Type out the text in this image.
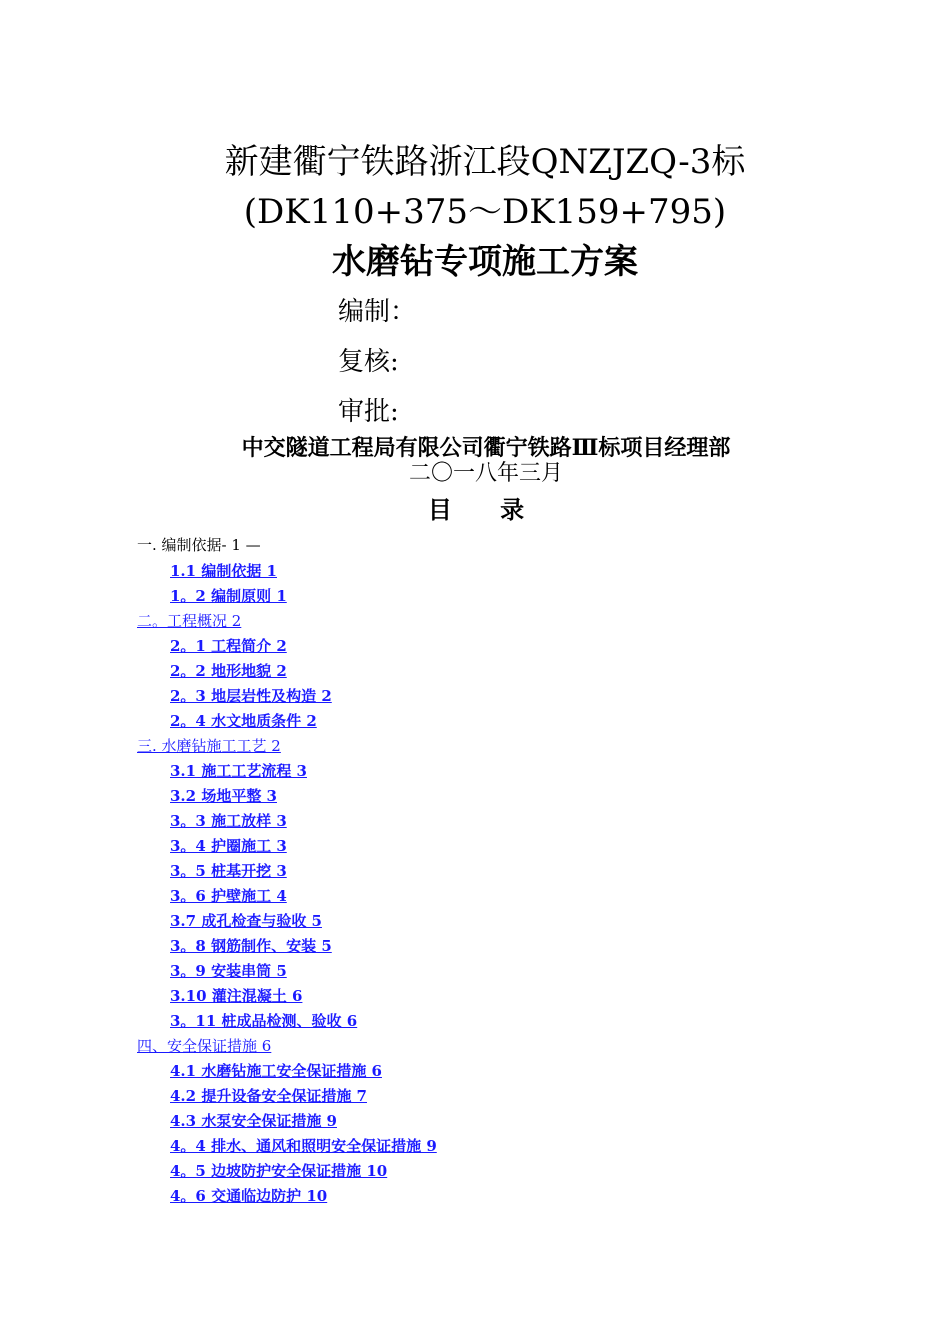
新建衢宁铁路浙江段QNZJZQ-3标
(DK110+375～DK159+795)
水磨钻专项施工方案
编制：
复核:
审批:
中交隧道工程局有限公司衢宁铁路Ⅲ标项目经理部
二〇一八年三月
目 录
一. 编制依据- 1 —
1.1 编制依据 1
1。2 编制原则 1
二。工程概况 2
2。1 工程简介 2
2。2 地形地貌 2
2。3 地层岩性及构造 2
2。4 水文地质条件 2
三. 水磨钻施工工艺 2
3.1 施工工艺流程 3
3.2 场地平整 3
3。3 施工放样 3
3。4 护圈施工 3
3。5 桩基开挖 3
3。6 护壁施工 4
3.7 成孔检查与验收 5
3。8 钢筋制作、安装 5
3。9 安装串筒 5
3.10 灌注混凝土 6
3。11 桩成品检测、验收 6
四、安全保证措施 6
4.1 水磨钻施工安全保证措施 6
4.2 提升设备安全保证措施 7
4.3 水泵安全保证措施 9
4。4 排水、通风和照明安全保证措施 9
4。5 边坡防护安全保证措施 10
4。6 交通临边防护 10
